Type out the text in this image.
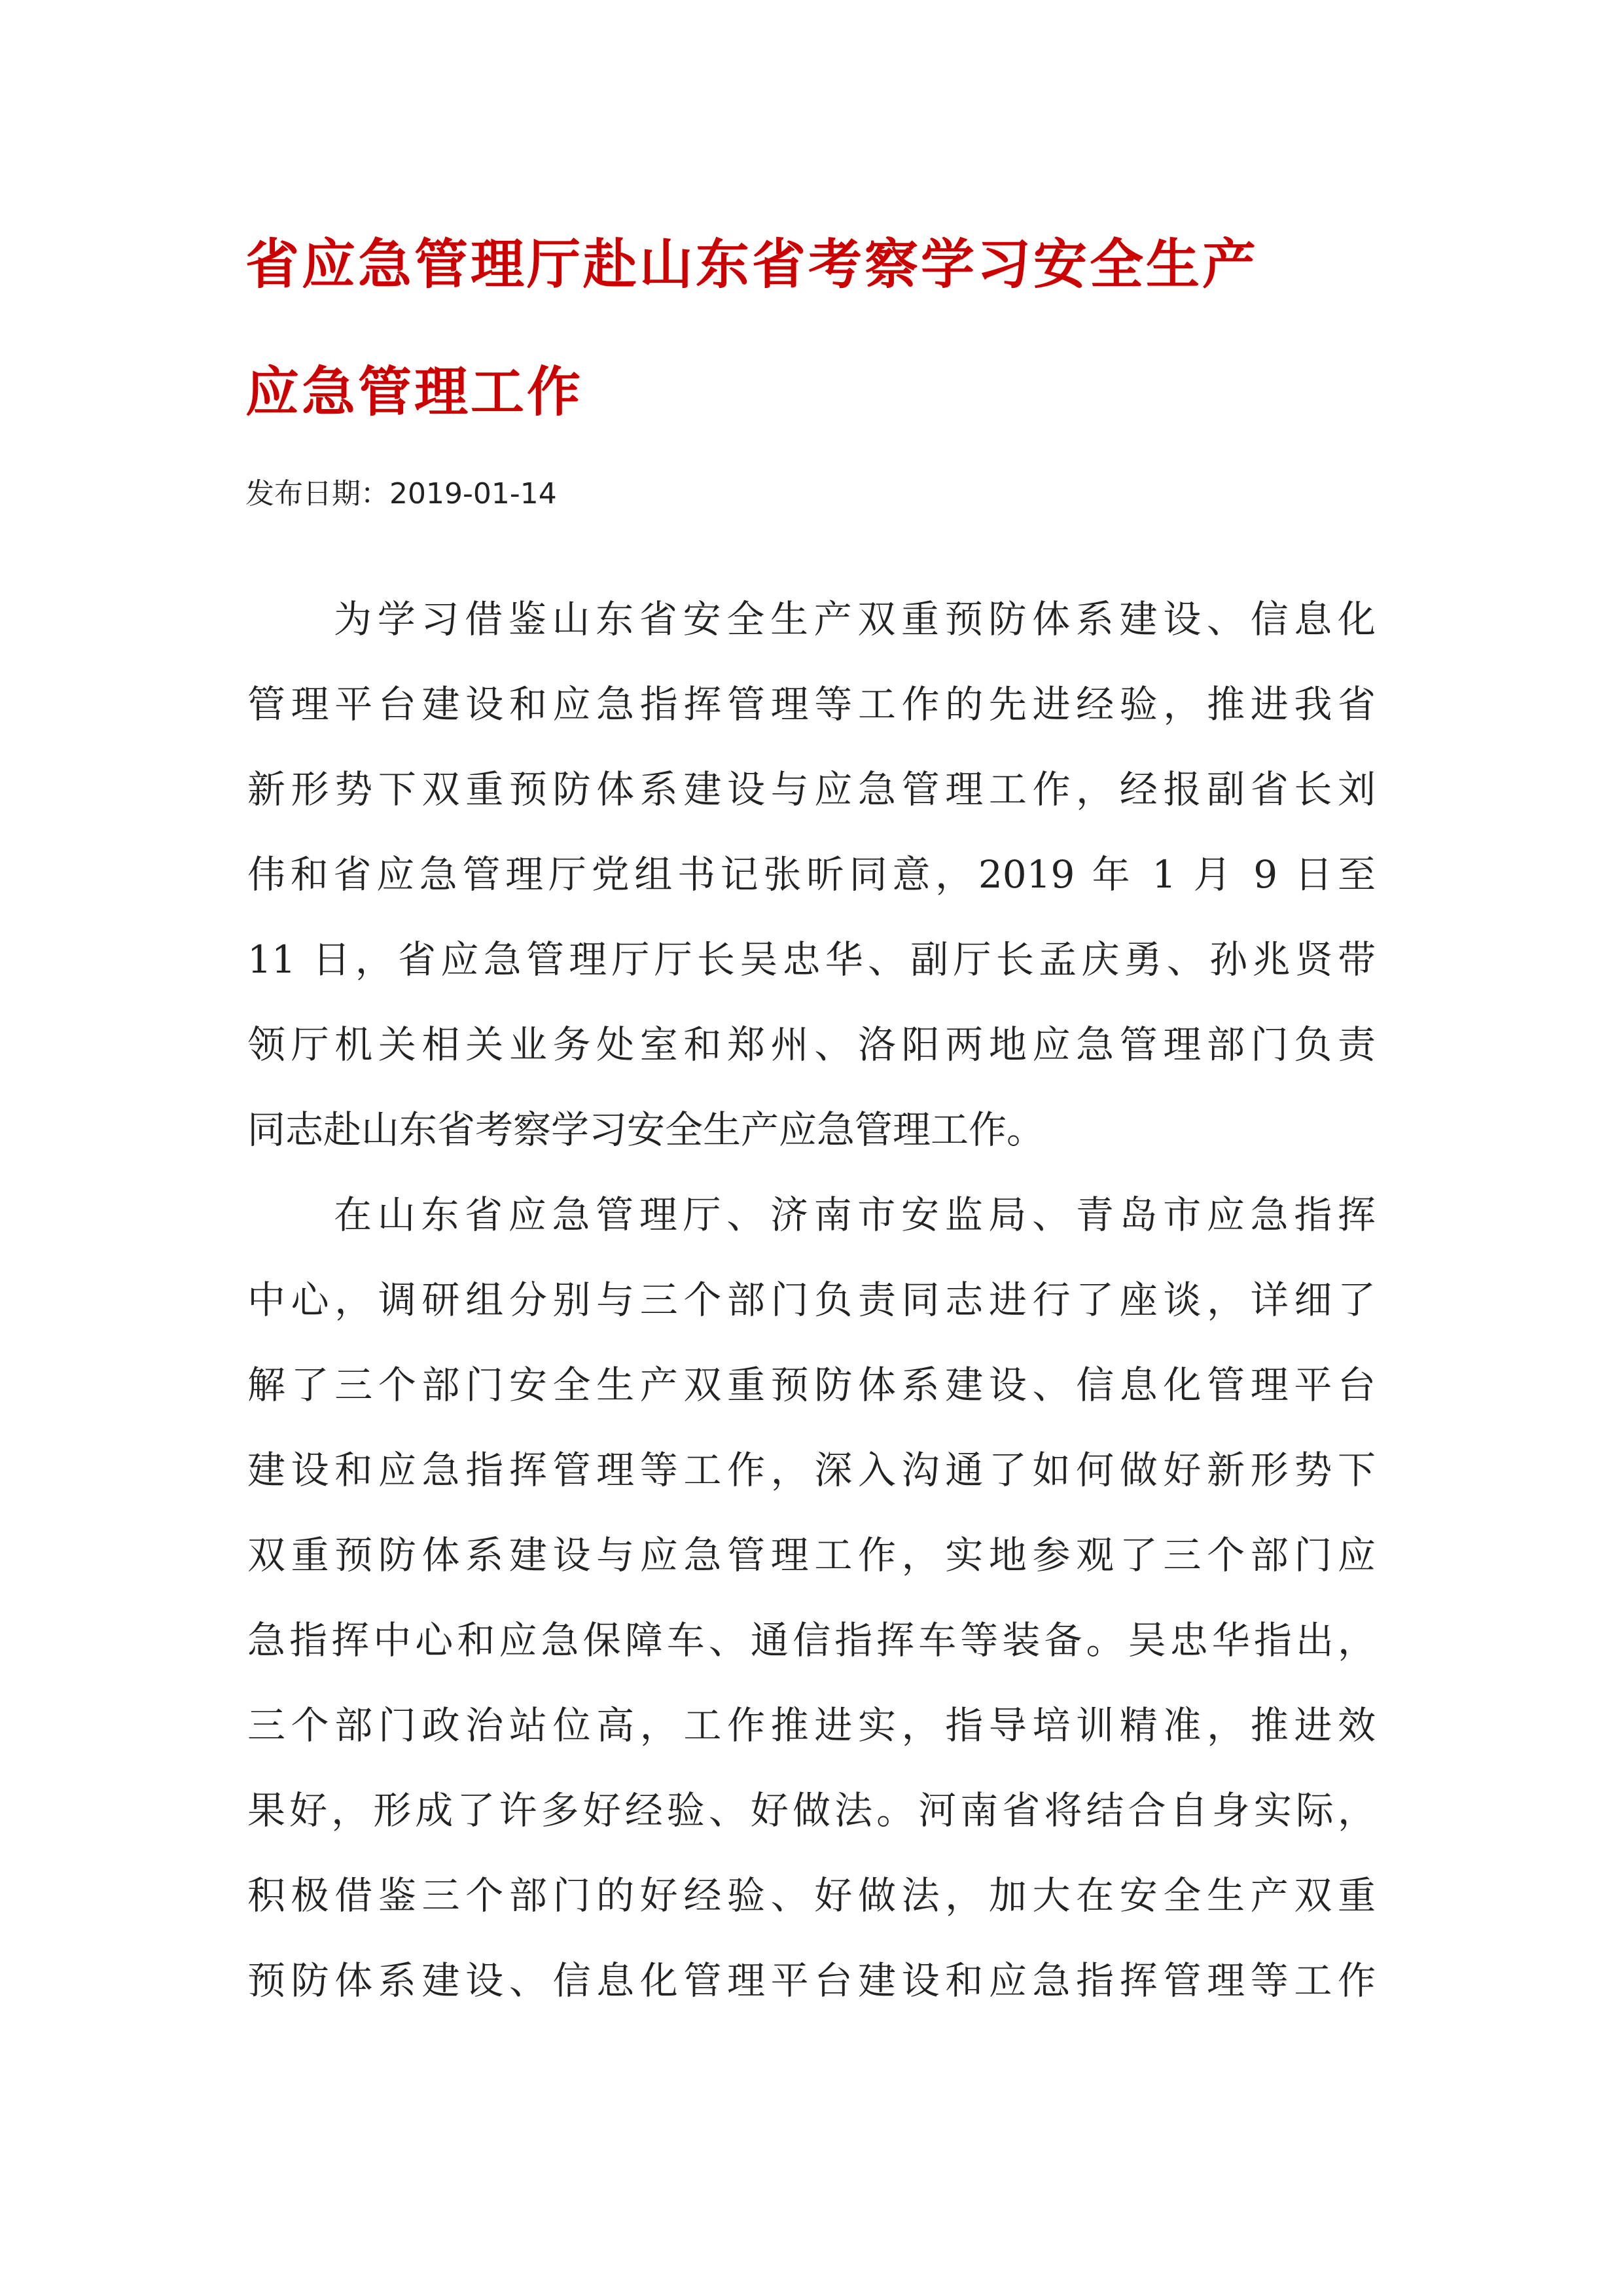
省应急管理厅赴山东省考察学习安全生产
应急管理工作
发布日期：2019-01-14
为学习借鉴山东省安全生产双重预防体系建设、信息化
管理平台建设和应急指挥管理等工作的先进经验，推进我省
新形势下双重预防体系建设与应急管理工作，经报副省长刘
伟和省应急管理厅党组书记张昕同意，2019 年 1 月 9 日至
11 日，省应急管理厅厅长吴忠华、副厅长孟庆勇、孙兆贤带
领厅机关相关业务处室和郑州、洛阳两地应急管理部门负责
同志赴山东省考察学习安全生产应急管理工作。
在山东省应急管理厅、济南市安监局、青岛市应急指挥
中心，调研组分别与三个部门负责同志进行了座谈，详细了
解了三个部门安全生产双重预防体系建设、信息化管理平台
建设和应急指挥管理等工作，深入沟通了如何做好新形势下
双重预防体系建设与应急管理工作，实地参观了三个部门应
急指挥中心和应急保障车、通信指挥车等装备。吴忠华指出，
三个部门政治站位高，工作推进实，指导培训精准，推进效
果好，形成了许多好经验、好做法。河南省将结合自身实际，
积极借鉴三个部门的好经验、好做法，加大在安全生产双重
预防体系建设、信息化管理平台建设和应急指挥管理等工作
